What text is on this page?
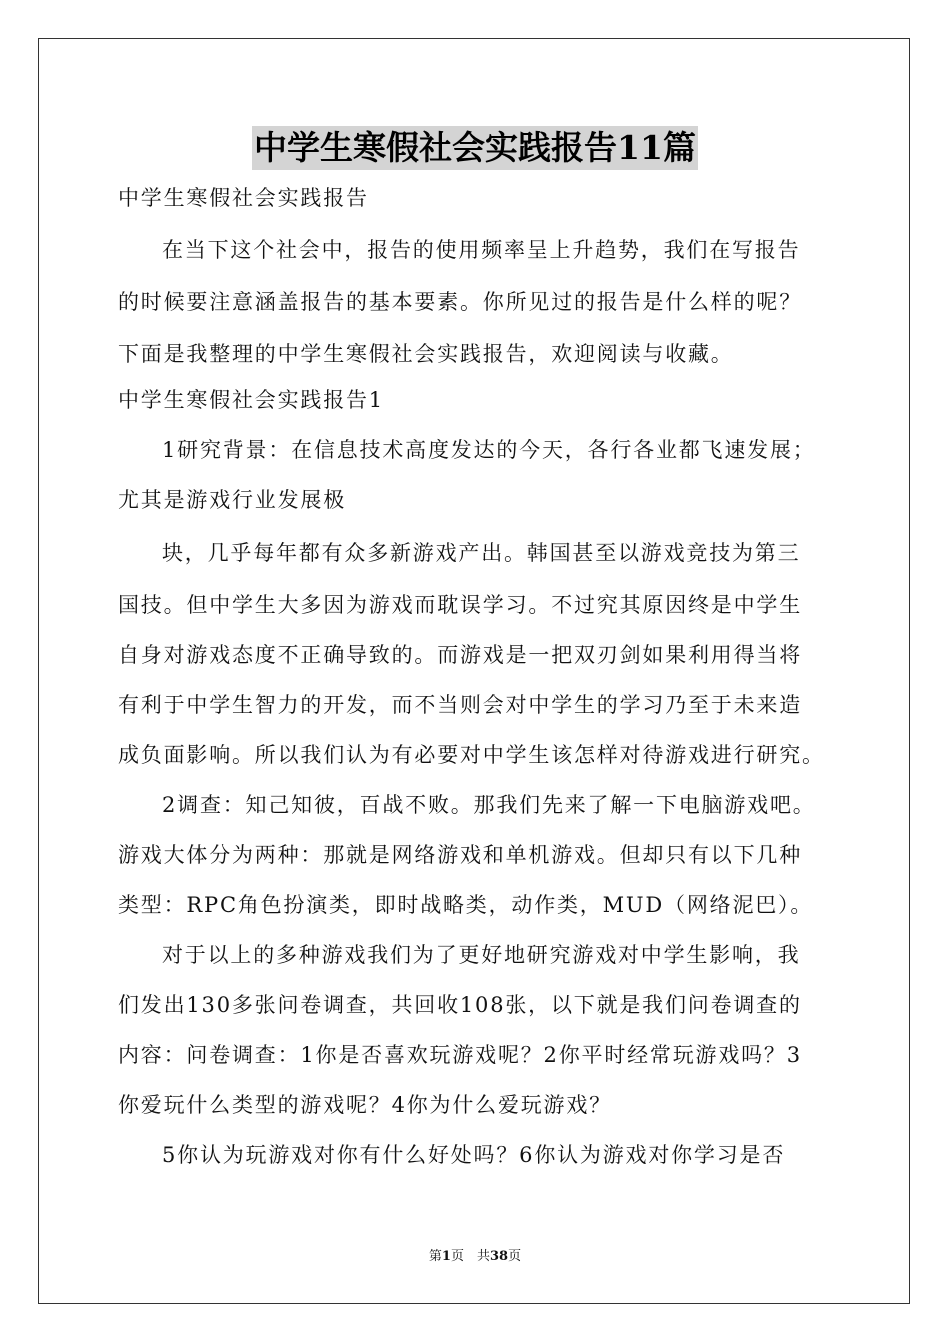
中学生寒假社会实践报告11篇
中学生寒假社会实践报告
在当下这个社会中，报告的使用频率呈上升趋势，我们在写报告
的时候要注意涵盖报告的基本要素。你所见过的报告是什么样的呢？
下面是我整理的中学生寒假社会实践报告，欢迎阅读与收藏。
中学生寒假社会实践报告1
1研究背景：在信息技术高度发达的今天，各行各业都飞速发展；
尤其是游戏行业发展极
块，几乎每年都有众多新游戏产出。韩国甚至以游戏竞技为第三
国技。但中学生大多因为游戏而耽误学习。不过究其原因终是中学生
自身对游戏态度不正确导致的。而游戏是一把双刃剑如果利用得当将
有利于中学生智力的开发，而不当则会对中学生的学习乃至于未来造
成负面影响。所以我们认为有必要对中学生该怎样对待游戏进行研究。
2调查：知己知彼，百战不败。那我们先来了解一下电脑游戏吧。
游戏大体分为两种：那就是网络游戏和单机游戏。但却只有以下几种
类型：RPC角色扮演类，即时战略类，动作类，MUD（网络泥巴）。
对于以上的多种游戏我们为了更好地研究游戏对中学生影响，我
们发出130多张问卷调查，共回收108张，以下就是我们问卷调查的
内容：问卷调查：1你是否喜欢玩游戏呢？2你平时经常玩游戏吗？3
你爱玩什么类型的游戏呢？4你为什么爱玩游戏？
5你认为玩游戏对你有什么好处吗？6你认为游戏对你学习是否
第1页　共38页
